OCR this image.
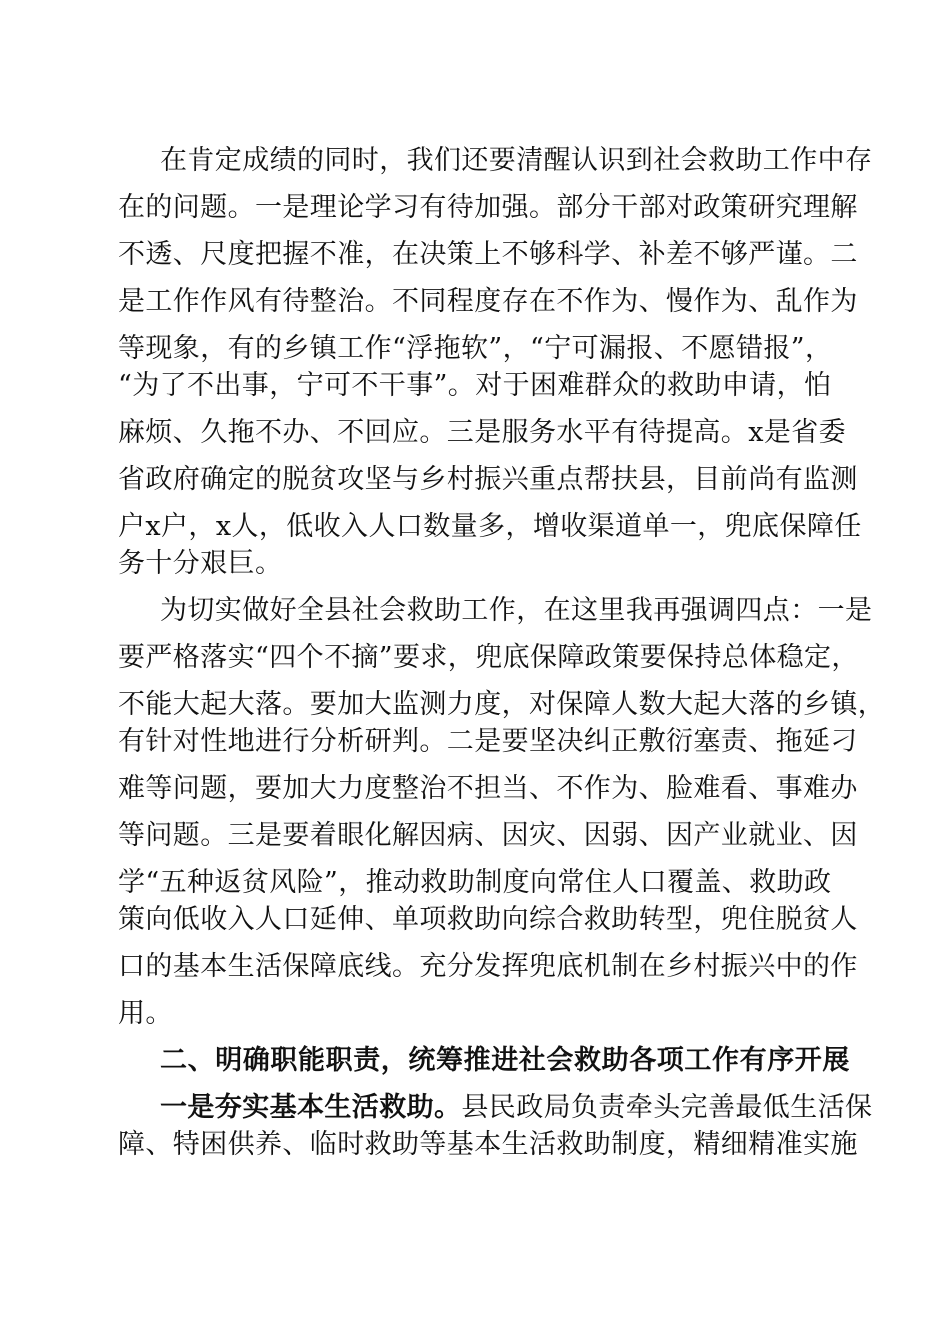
在肯定成绩的同时，我们还要清醒认识到社会救助工作中存
在的问题。一是理论学习有待加强。部分干部对政策研究理解
不透、尺度把握不准，在决策上不够科学、补差不够严谨。二
是工作作风有待整治。不同程度存在不作为、慢作为、乱作为
等现象，有的乡镇工作“浮拖软”，“宁可漏报、不愿错报”，
“为了不出事，宁可不干事”。对于困难群众的救助申请，怕
麻烦、久拖不办、不回应。三是服务水平有待提高。x是省委
省政府确定的脱贫攻坚与乡村振兴重点帮扶县，目前尚有监测
户x户，x人，低收入人口数量多，增收渠道单一，兜底保障任
务十分艰巨。
为切实做好全县社会救助工作，在这里我再强调四点：一是
要严格落实“四个不摘”要求，兜底保障政策要保持总体稳定，
不能大起大落。要加大监测力度，对保障人数大起大落的乡镇，
有针对性地进行分析研判。二是要坚决纠正敷衍塞责、拖延刁
难等问题，要加大力度整治不担当、不作为、脸难看、事难办
等问题。三是要着眼化解因病、因灾、因弱、因产业就业、因
学“五种返贫风险”，推动救助制度向常住人口覆盖、救助政
策向低收入人口延伸、单项救助向综合救助转型，兜住脱贫人
口的基本生活保障底线。充分发挥兜底机制在乡村振兴中的作
用。
二、明确职能职责，统筹推进社会救助各项工作有序开展
一是夯实基本生活救助。县民政局负责牵头完善最低生活保
障、特困供养、临时救助等基本生活救助制度，精细精准实施
